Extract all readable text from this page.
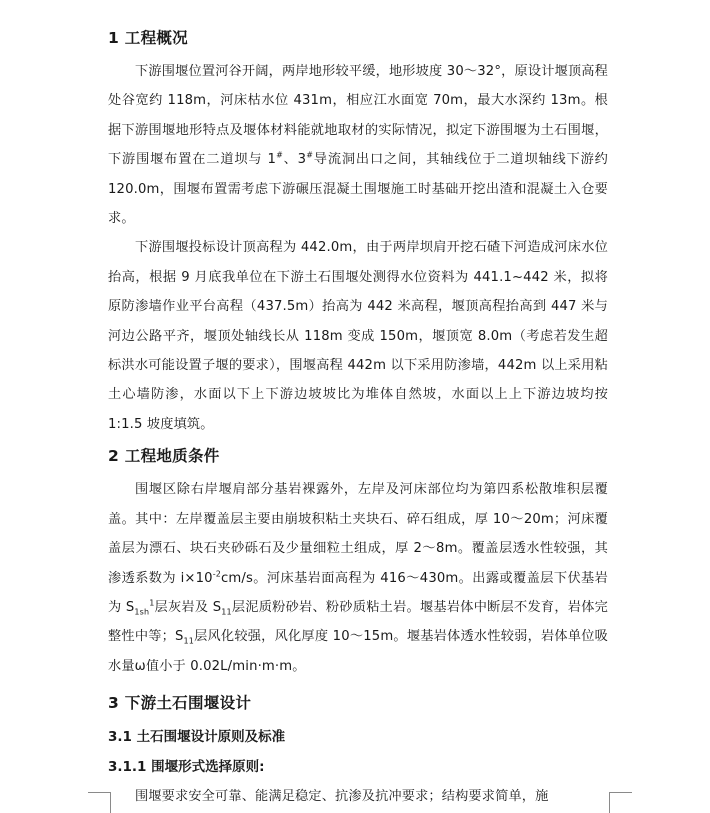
1 工程概况

下游围堰位置河谷开阔，两岸地形较平缓，地形坡度 30～32°，原设计堰顶高程处谷宽约 118m，河床枯水位 431m，相应江水面宽 70m，最大水深约 13m。根据下游围堰地形特点及堰体材料能就地取材的实际情况，拟定下游围堰为土石围堰，下游围堰布置在二道坝与 1#、3#导流洞出口之间，其轴线位于二道坝轴线下游约 120.0m，围堰布置需考虑下游碾压混凝土围堰施工时基础开挖出渣和混凝土入仓要求。

下游围堰投标设计顶高程为 442.0m，由于两岸坝肩开挖石碴下河造成河床水位抬高，根据 9 月底我单位在下游土石围堰处测得水位资料为 441.1~442 米，拟将原防渗墙作业平台高程（437.5m）抬高为 442 米高程，堰顶高程抬高到 447 米与河边公路平齐，堰顶处轴线长从 118m 变成 150m，堰顶宽 8.0m（考虑若发生超标洪水可能设置子堰的要求），围堰高程 442m 以下采用防渗墙，442m 以上采用粘土心墙防渗，水面以下上下游边坡坡比为堆体自然坡，水面以上上下游边坡均按 1:1.5 坡度填筑。

2 工程地质条件

围堰区除右岸堰肩部分基岩裸露外，左岸及河床部位均为第四系松散堆积层覆盖。其中：左岸覆盖层主要由崩坡积粘土夹块石、碎石组成，厚 10～20m；河床覆盖层为漂石、块石夹砂砾石及少量细粒土组成，厚 2～8m。覆盖层透水性较强，其渗透系数为 $i\times 10^{-2}cm/s$。河床基岩面高程为 416～430m。出露或覆盖层下伏基岩为 $S_{1sh}^1$层灰岩及 $S_{11}$层泥质粉砂岩、粉砂质粘土岩。堰基岩体中断层不发育，岩体完整性中等；$S_{11}$层风化较强，风化厚度 10～15m。堰基岩体透水性较弱，岩体单位吸水量ω值小于 0.02L/min·m·m。

3 下游土石围堰设计
3.1 土石围堰设计原则及标准
3.1.1 围堰形式选择原则:

围堰要求安全可靠、能满足稳定、抗渗及抗冲要求；结构要求简单，施
